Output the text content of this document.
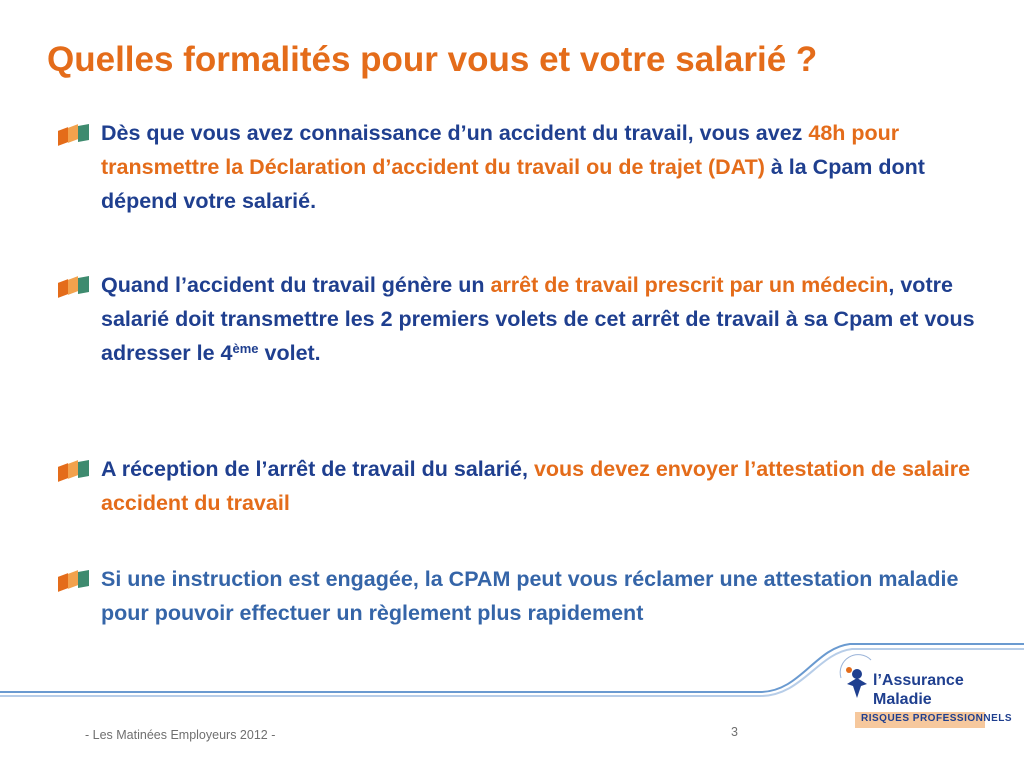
Quelles formalités pour vous et votre salarié ?

Dès que vous avez connaissance d’un accident du travail, vous avez 48h pour transmettre la Déclaration d’accident du travail ou de trajet (DAT) à la Cpam dont dépend votre salarié.

Quand l’accident du travail génère un arrêt de travail prescrit par un médecin, votre salarié doit transmettre les 2 premiers volets de cet arrêt de travail à sa Cpam et vous adresser le 4ème volet.

A réception de l’arrêt de travail du salarié, vous devez envoyer l’attestation de salaire accident du travail

Si une instruction est engagée, la CPAM peut vous réclamer une attestation maladie pour pouvoir effectuer un règlement plus rapidement

- Les Matinées Employeurs 2012 -	3
l’Assurance
Maladie
RISQUES PROFESSIONNELS
